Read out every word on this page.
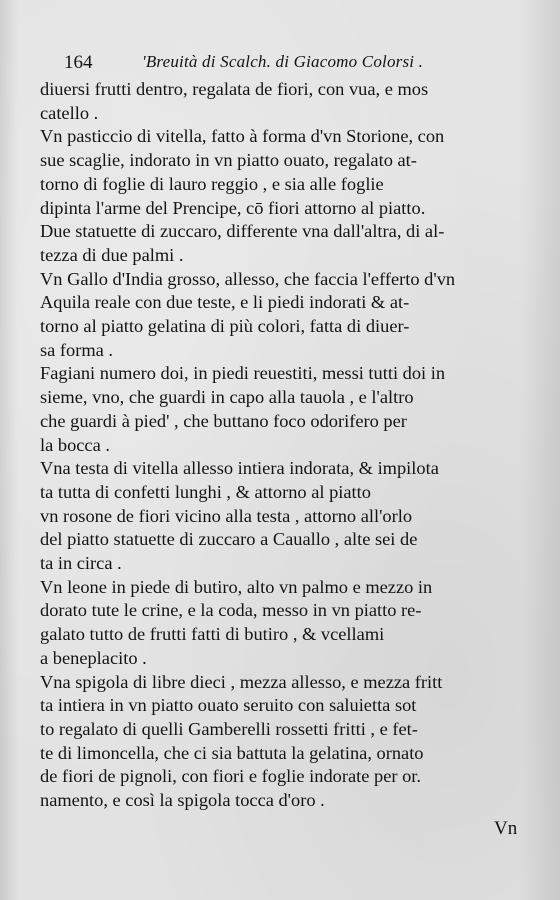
164	'Breuità di Scalch. di Giacomo Colorsi .

diuersi frutti dentro, regalata de fiori, con vua, e mos
catello .

Vn pasticcio di vitella, fatto à forma d'vn Storione, con
sue scaglie, indorato in vn piatto ouato, regalato at-
torno di foglie di lauro reggio , e sia alle foglie
dipinta l'arme del Prencipe, cō fiori attorno al piatto.

Due statuette di zuccaro, differente vna dall'altra, di al-
tezza di due palmi .

Vn Gallo d'India grosso, allesso, che faccia l'efferto d'vn
Aquila reale con due teste, e li piedi indorati & at-
torno al piatto gelatina di più colori, fatta di diuer-
sa forma .

Fagiani numero doi, in piedi reuestiti, messi tutti doi in
sieme, vno, che guardi in capo alla tauola , e l'altro
che guardi à pied' , che buttano foco odorifero per
la bocca .

Vna testa di vitella allesso intiera indorata, & impilota
ta tutta di confetti lunghi , & attorno al piatto
vn rosone de fiori vicino alla testa , attorno all'orlo
del piatto statuette di zuccaro a Cauallo , alte sei de
ta in circa .

Vn leone in piede di butiro, alto vn palmo e mezzo in
dorato tute le crine, e la coda, messo in vn piatto re-
galato tutto de frutti fatti di butiro , & vcellami
a beneplacito .

Vna spigola di libre dieci , mezza allesso, e mezza fritt
ta intiera in vn piatto ouato seruito con saluietta sot
to regalato di quelli Gamberelli rossetti fritti , e fet-
te di limoncella, che ci sia battuta la gelatina, ornato
de fiori de pignoli, con fiori e foglie indorate per or.
namento, e così la spigola tocca d'oro .

Vn
